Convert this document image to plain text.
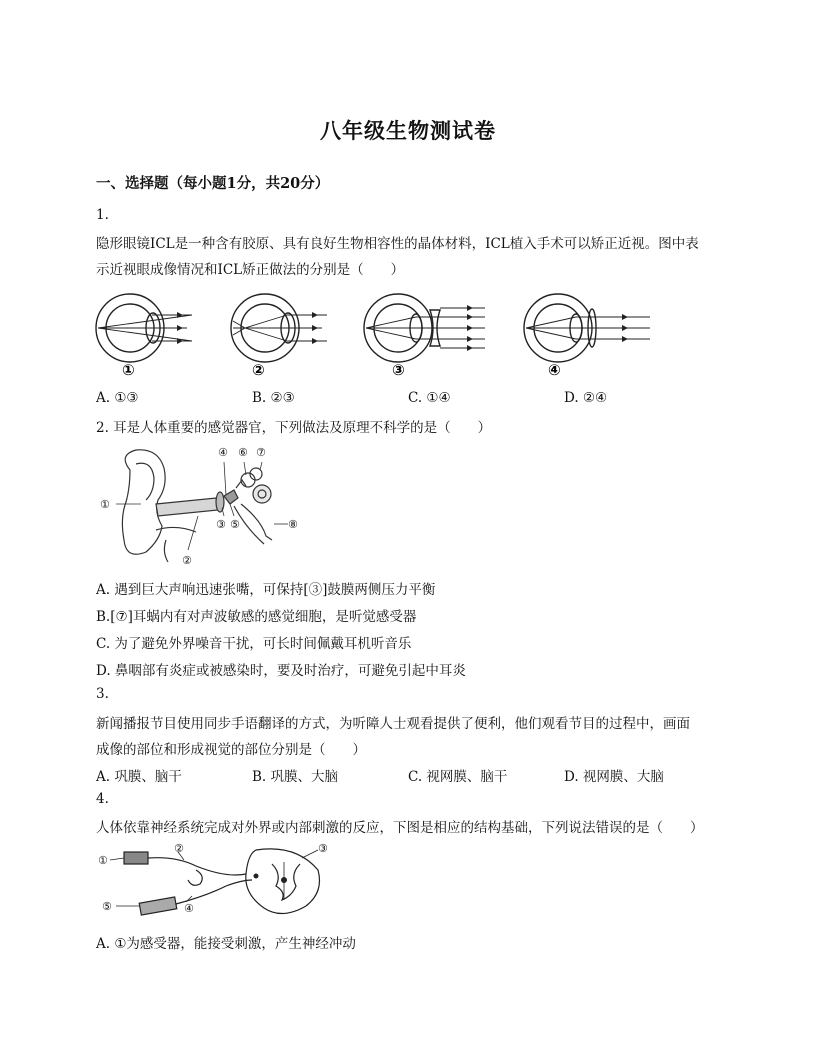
八年级生物测试卷
一、选择题（每小题1分，共20分）
1.
隐形眼镜ICL是一种含有胶原、具有良好生物相容性的晶体材料，ICL植入手术可以矫正近视。图中表
示近视眼成像情况和ICL矫正做法的分别是（　　）
①	②	③	④
A. ①③	B. ②③	C. ①④	D. ②④
2. 耳是人体重要的感觉器官，下列做法及原理不科学的是（　　）
①
②
③
④
⑤
⑥ ⑦
⑧
A. 遇到巨大声响迅速张嘴，可保持[③]鼓膜两侧压力平衡
B.[⑦]耳蜗内有对声波敏感的感觉细胞，是听觉感受器
C. 为了避免外界噪音干扰，可长时间佩戴耳机听音乐
D. 鼻咽部有炎症或被感染时，要及时治疗，可避免引起中耳炎
3.
新闻播报节目使用同步手语翻译的方式，为听障人士观看提供了便利，他们观看节目的过程中，画面
成像的部位和形成视觉的部位分别是（　　）
A. 巩膜、脑干	B. 巩膜、大脑	C. 视网膜、脑干	D. 视网膜、大脑
4.
人体依靠神经系统完成对外界或内部刺激的反应，下图是相应的结构基础，下列说法错误的是（　　）
①
②	③
④
⑤
A. ①为感受器，能接受刺激，产生神经冲动
